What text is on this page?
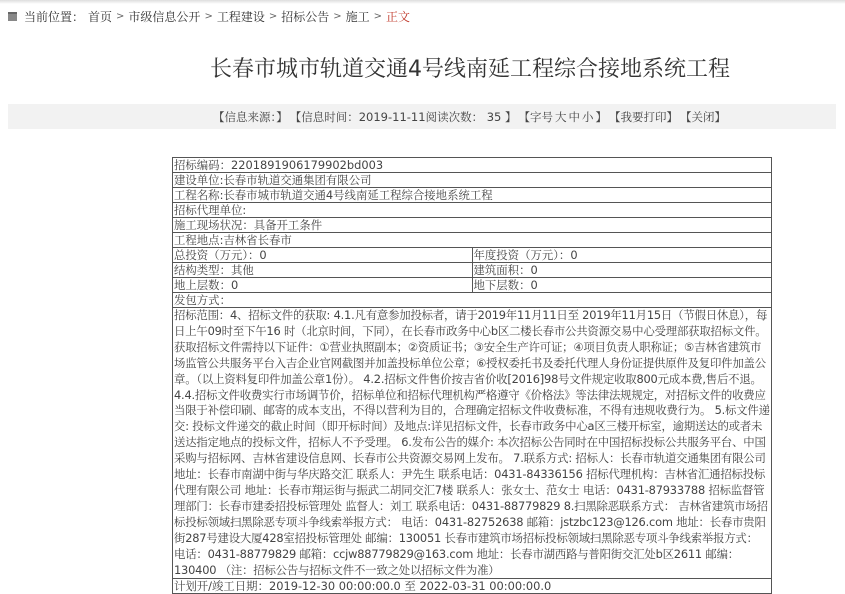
当前位置： 首页 > 市级信息公开 > 工程建设 > 招标公告 > 施工 > 正文
长春市城市轨道交通4号线南延工程综合接地系统工程
【信息来源：】 【信息时间：2019-11-11阅读次数： 35 】 【字号 大 中 小 】 【我要打印】 【关闭】
招标编码：2201891906179902bd003	
建设单位:长春市轨道交通集团有限公司	
工程名称:长春市城市轨道交通4号线南延工程综合接地系统工程	
招标代理单位:	
施工现场状况：具备开工条件	
工程地点:吉林省长春市	
总投资（万元）：0	年度投资（万元）：0
结构类型：其他	建筑面积：0
地上层数：0	地下层数：0
发包方式：	
招标范围：4、招标文件的获取: 4.1.凡有意参加投标者，请于2019年11月11日至 2019年11月15日（节假日休息），每日上午09时至下午16 时（北京时间，下同），在长春市政务中心b区二楼长春市公共资源交易中心受理部获取招标文件。获取招标文件需持以下证件：①营业执照副本；②资质证书；③安全生产许可证；④项目负责人职称证；⑤吉林省建筑市场监管公共服务平台入吉企业官网截图并加盖投标单位公章；⑥授权委托书及委托代理人身份证提供原件及复印件加盖公章。（以上资料复印件加盖公章1份）。 4.2.招标文件售价按吉省价收[2016]98号文件规定收取800元成本费,售后不退。 4.4.招标文件收费实行市场调节价，招标单位和招标代理机构严格遵守《价格法》等法律法规规定，对招标文件的收费应当限于补偿印刷、邮寄的成本支出，不得以营利为目的，合理确定招标文件收费标准，不得有违规收费行为。 5.标文件递交: 投标文件递交的截止时间（即开标时间）及地点:详见招标文件，长春市政务中心a区三楼开标室，逾期送达的或者未送达指定地点的投标文件，招标人不予受理。 6.发布公告的媒介: 本次招标公告同时在中国招标投标公共服务平台、中国采购与招标网、吉林省建设信息网、长春市公共资源交易网上发布。 7.联系方式: 招标人：长春市轨道交通集团有限公司 地址：长春市南湖中街与华庆路交汇 联系人：尹先生 联系电话：0431-84336156 招标代理机构：吉林省汇通招标投标代理有限公司 地址：长春市翔运街与振武二胡同交汇7楼 联系人：张女士、范女士 电话：0431-87933788 招标监督管理部门：长春市建委招投标管理处 监督人：刘工 联系电话：0431-88779829 8.扫黑除恶联系方式： 吉林省建筑市场招标投标领域扫黑除恶专项斗争线索举报方式： 电话：0431-82752638 邮箱：jstzbc123@126.com 地址：长春市贵阳街287号建设大厦428室招投标管理处 邮编：130051 长春市建筑市场招标投标领域扫黑除恶专项斗争线索举报方式： 电话：0431-88779829 邮箱：ccjw88779829@163.com 地址：长春市湖西路与普阳街交汇处b区2611 邮编：130400 （注：招标公告与招标文件不一致之处以招标文件为准）	
计划开/竣工日期：2019-12-30 00:00:00.0 至 2022-03-31 00:00:00.0	
